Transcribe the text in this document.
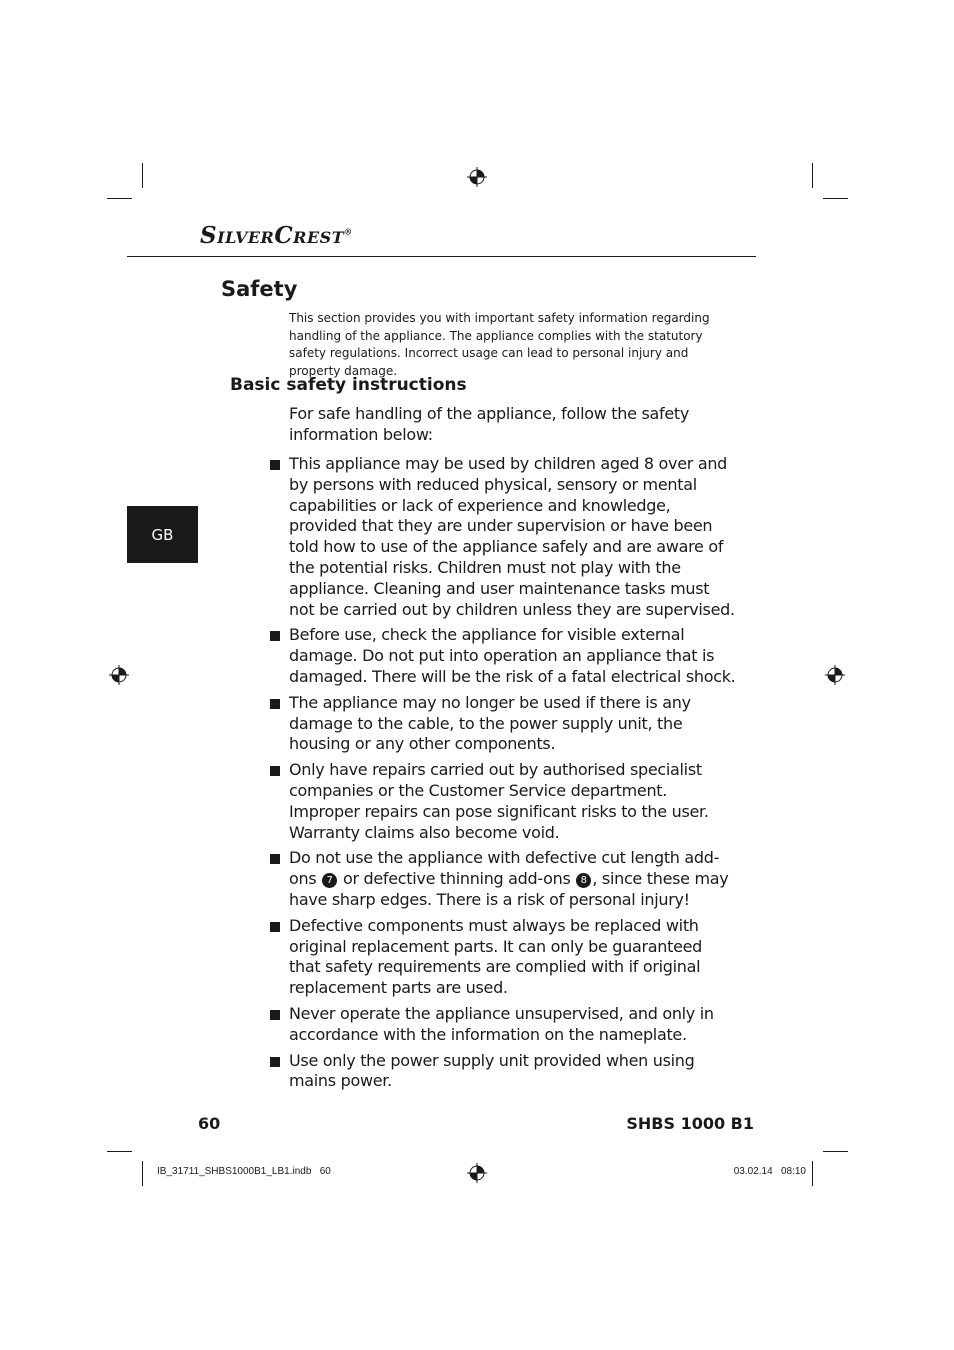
SilverCrest®
GB
Safety

This section provides you with important safety information regarding handling of the appliance. The appliance complies with the statutory safety regulations. Incorrect usage can lead to personal injury and property damage.

Basic safety instructions

For safe handling of the appliance, follow the safety information below:

This appliance may be used by children aged 8 over and by persons with reduced physical, sensory or mental capabilities or lack of experience and knowledge, provided that they are under supervision or have been told how to use of the appliance safely and are aware of the potential risks. Children must not play with the appliance. Cleaning and user maintenance tasks must not be carried out by children unless they are supervised.
Before use, check the appliance for visible external damage. Do not put into operation an appliance that is damaged. There will be the risk of a fatal electrical shock.
The appliance may no longer be used if there is any damage to the cable, to the power supply unit, the housing or any other components.
Only have repairs carried out by authorised specialist companies or the Customer Service department. Improper repairs can pose significant risks to the user. Warranty claims also become void.
Do not use the appliance with defective cut length add-ons 7 or defective thinning add-ons 8 , since these may have sharp edges. There is a risk of personal injury!
Defective components must always be replaced with original replacement parts. It can only be guaranteed that safety requirements are complied with if original replacement parts are used.
Never operate the appliance unsupervised, and only in accordance with the information on the nameplate.
Use only the power supply unit provided when using mains power.
60	SHBS 1000 B1
IB_31711_SHBS1000B1_LB1.indb   60	03.02.14   08:10
